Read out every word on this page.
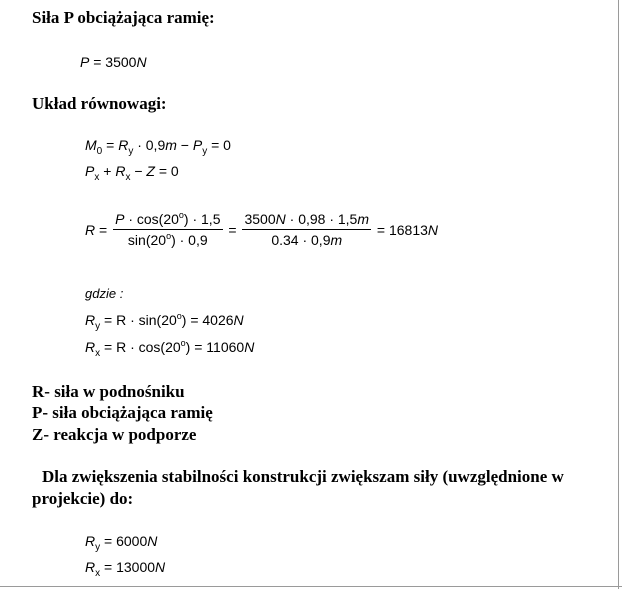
Siła P obciążająca ramię:
P = 3500N
Układ równowagi:
$M_0 = R_y \cdot 0,9m - P_y = 0$
$P_x + R_x - Z = 0$
$R = \frac{P \cdot \cos(20^o) \cdot 1,5}{\sin(20^o) \cdot 0,9} = \frac{3500N \cdot 0,98 \cdot 1,5m}{0.34 \cdot 0,9m} = 16813$ N
gdzie :
$R_y = R \cdot \sin(20^o) = 4026N$
$R_x = R \cdot \cos(20^o) = 11060N$
R- siła w podnośniku
P- siła obciążająca ramię
Z- reakcja w podporze
Dla zwiększenia stabilności konstrukcji zwiększam siły (uwzględnione w projekcie) do:
$R_y = 6000N$
$R_x = 13000N$
